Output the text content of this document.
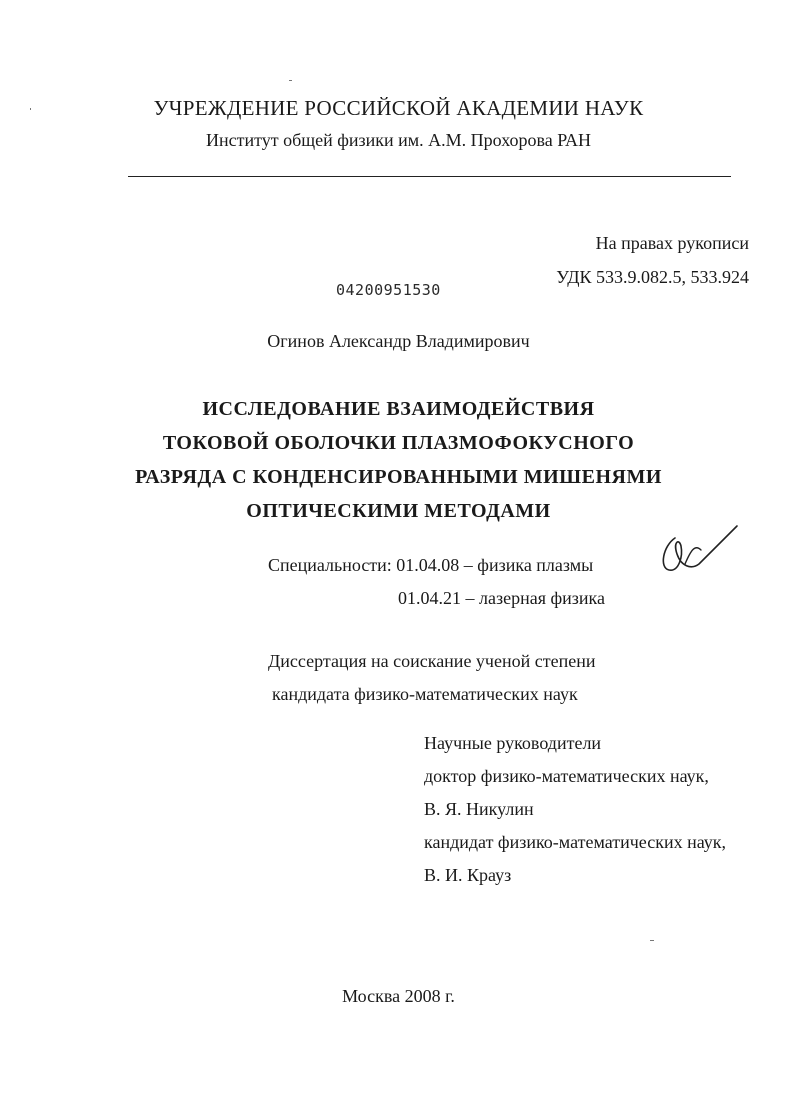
УЧРЕЖДЕНИЕ РОССИЙСКОЙ АКАДЕМИИ НАУК
Институт общей физики им. А.М. Прохорова РАН
На правах рукописи
УДК 533.9.082.5, 533.924
04200951530
Огинов Александр Владимирович
ИССЛЕДОВАНИЕ ВЗАИМОДЕЙСТВИЯ
ТОКОВОЙ ОБОЛОЧКИ ПЛАЗМОФОКУСНОГО
РАЗРЯДА С КОНДЕНСИРОВАННЫМИ МИШЕНЯМИ
ОПТИЧЕСКИМИ МЕТОДАМИ
Специальности: 01.04.08 – физика плазмы
01.04.21 – лазерная физика
Диссертация на соискание ученой степени
кандидата физико-математических наук
Научные руководители
доктор физико-математических наук,
В. Я. Никулин
кандидат физико-математических наук,
В. И. Крауз
Москва 2008 г.
